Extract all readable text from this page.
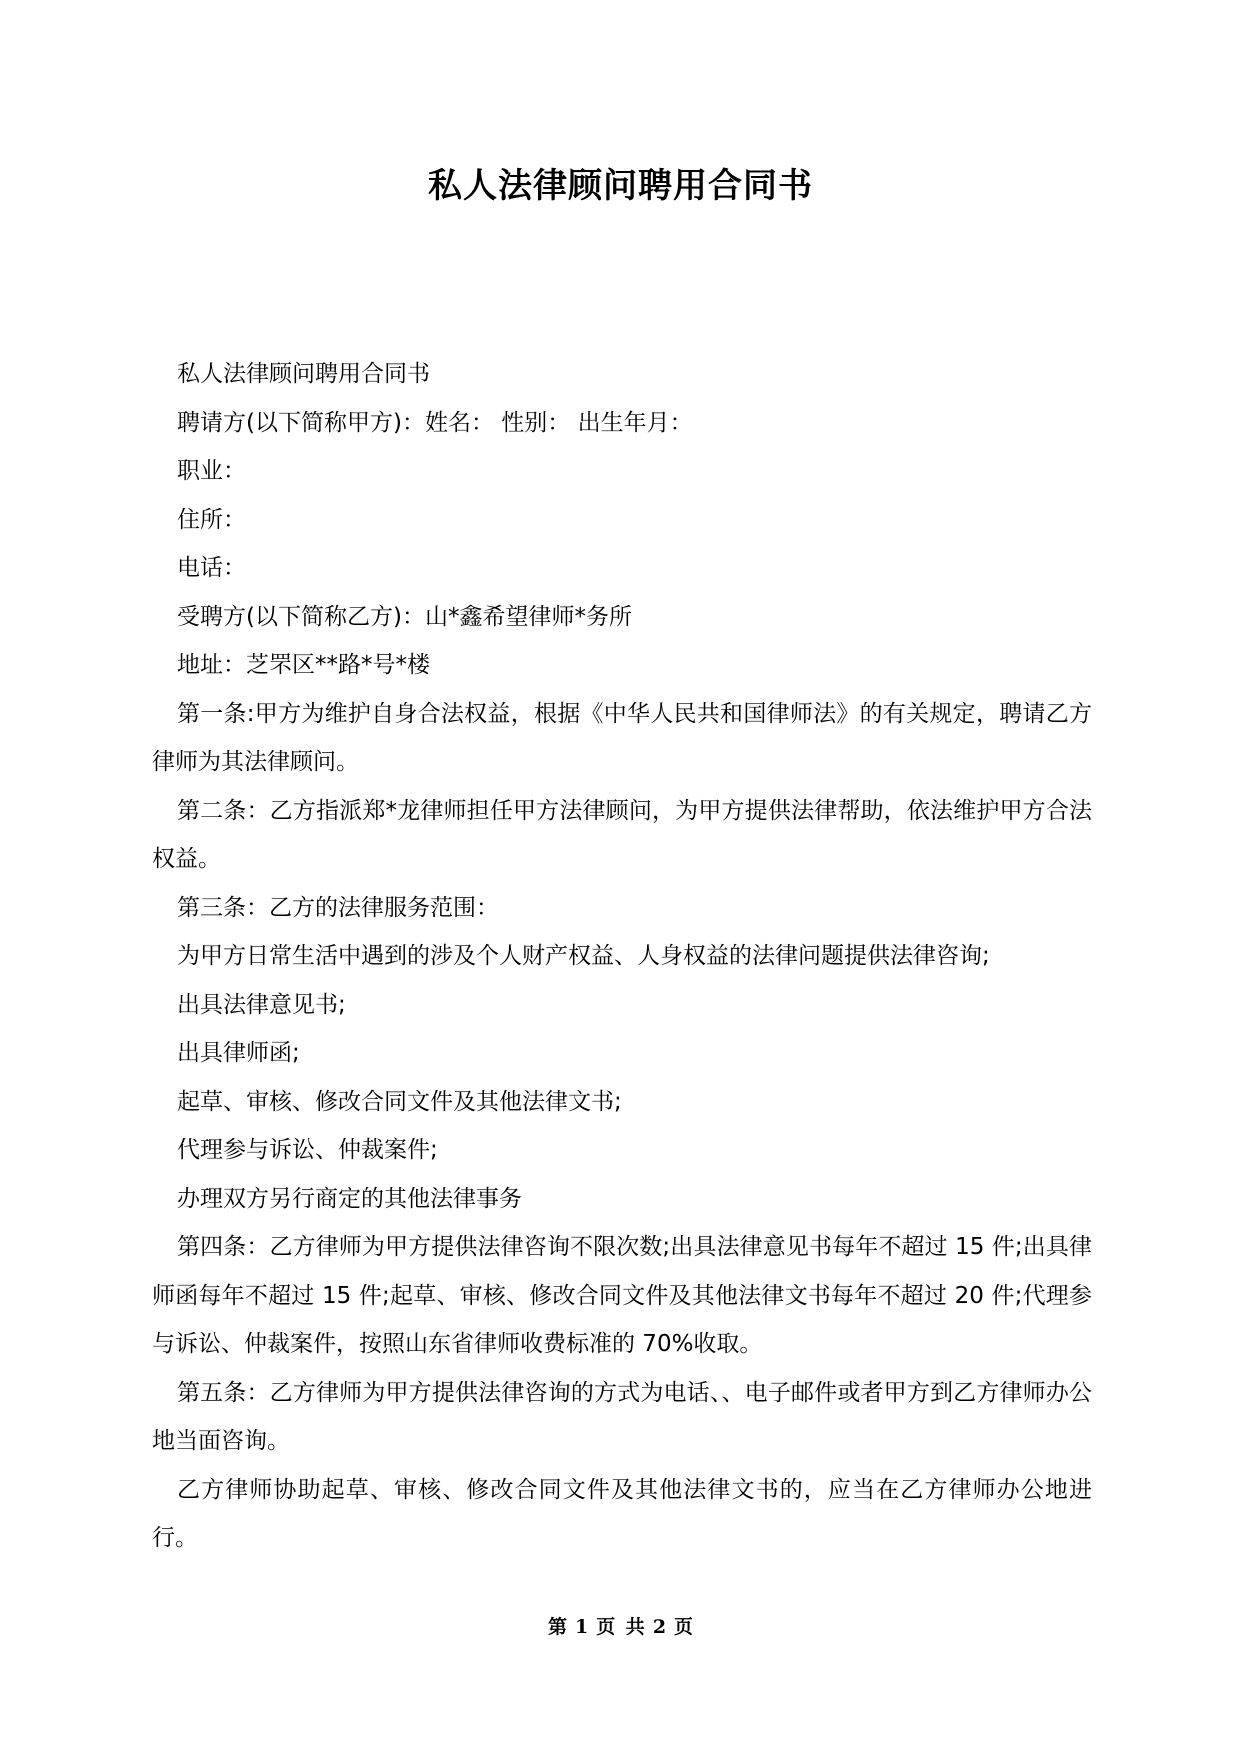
私人法律顾问聘用合同书

私人法律顾问聘用合同书

聘请方(以下简称甲方)：姓名： 性别： 出生年月：

职业：

住所：

电话：

受聘方(以下简称乙方)：山*鑫希望律师*务所

地址：芝罘区**路*号*楼

第一条:甲方为维护自身合法权益，根据《中华人民共和国律师法》的有关规定，聘请乙方律师为其法律顾问。

第二条：乙方指派郑*龙律师担任甲方法律顾问，为甲方提供法律帮助，依法维护甲方合法权益。

第三条：乙方的法律服务范围：

为甲方日常生活中遇到的涉及个人财产权益、人身权益的法律问题提供法律咨询;

出具法律意见书;

出具律师函;

起草、审核、修改合同文件及其他法律文书;

代理参与诉讼、仲裁案件;

办理双方另行商定的其他法律事务

第四条：乙方律师为甲方提供法律咨询不限次数;出具法律意见书每年不超过 15 件;出具律师函每年不超过 15 件;起草、审核、修改合同文件及其他法律文书每年不超过 20 件;代理参与诉讼、仲裁案件，按照山东省律师收费标准的 70%收取。

第五条：乙方律师为甲方提供法律咨询的方式为电话、、电子邮件或者甲方到乙方律师办公地当面咨询。

乙方律师协助起草、审核、修改合同文件及其他法律文书的，应当在乙方律师办公地进行。

第 1 页 共 2 页
